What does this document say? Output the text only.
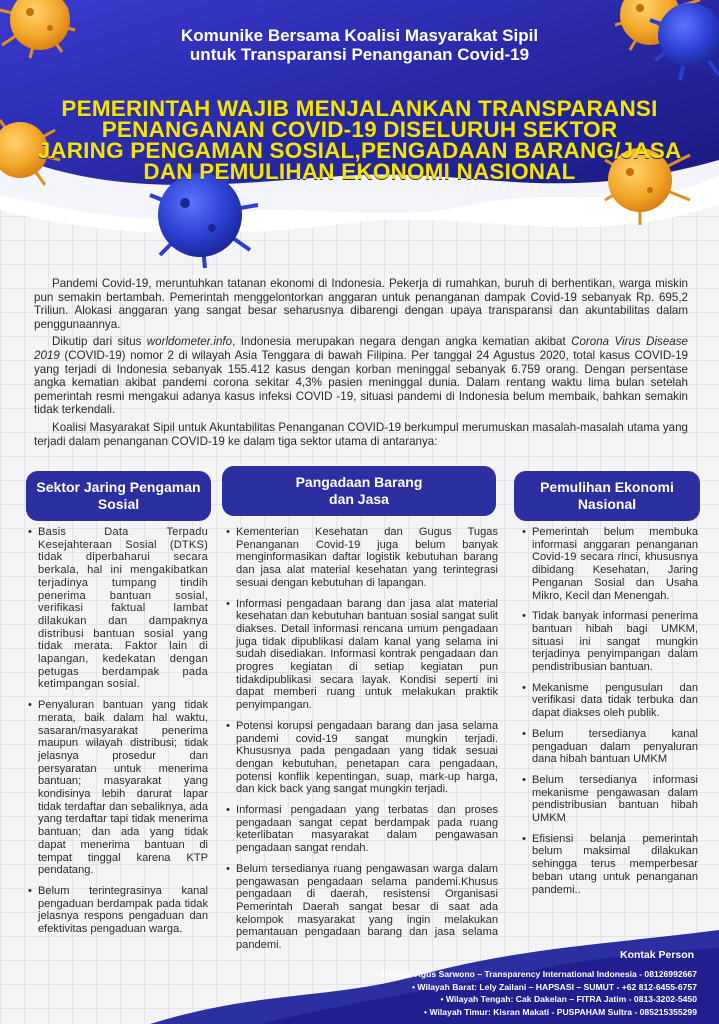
Komunike Bersama Koalisi Masyarakat Sipil
untuk Transparansi Penanganan Covid-19
PEMERINTAH WAJIB MENJALANKAN TRANSPARANSI
PENANGANAN COVID-19 DISELURUH SEKTOR
JARING PENGAMAN SOSIAL,PENGADAAN BARANG/JASA
DAN PEMULIHAN EKONOMI NASIONAL

Pandemi Covid-19, meruntuhkan tatanan ekonomi di Indonesia. Pekerja di rumahkan, buruh di berhentikan, warga miskin pun semakin bertambah. Pemerintah menggelontorkan anggaran untuk penanganan dampak Covid-19 sebanyak Rp. 695,2 Triliun. Alokasi anggaran yang sangat besar seharusnya dibarengi dengan upaya transparansi dan akuntabilitas dalam penggunaannya.

Dikutip dari situs worldometer.info, Indonesia merupakan negara dengan angka kematian akibat Corona Virus Disease 2019 (COVID-19) nomor 2 di wilayah Asia Tenggara di bawah Filipina. Per tanggal 24 Agustus 2020, total kasus COVID-19 yang terjadi di Indonesia sebanyak 155.412 kasus dengan korban meninggal sebanyak 6.759 orang. Dengan persentase angka kematian akibat pandemi corona sekitar 4,3% pasien meninggal dunia. Dalam rentang waktu lima bulan setelah pemerintah resmi mengakui adanya kasus infeksi COVID -19, situasi pandemi di Indonesia belum membaik, bahkan semakin tidak terkendali.

Koalisi Masyarakat Sipil untuk Akuntabilitas Penanganan COVID-19 berkumpul merumuskan masalah-masalah utama yang terjadi dalam penanganan COVID-19 ke dalam tiga sektor utama di antaranya:

Sektor Jaring Pengaman Sosial
Pangadaan Barang dan Jasa
Pemulihan Ekonomi Nasional
• Basis Data Terpadu Kesejahteraan Sosial (DTKS) tidak diperbaharui secara berkala, hal ini mengakibatkan terjadinya tumpang tindih penerima bantuan sosial, verifikasi faktual lambat dilakukan dan dampaknya distribusi bantuan sosial yang tidak merata. Faktor lain di lapangan, kedekatan dengan petugas berdampak pada ketimpangan sosial.
• Penyaluran bantuan yang tidak merata, baik dalam hal waktu, sasaran/masyarakat penerima maupun wilayah distribusi; tidak jelasnya prosedur dan persyaratan untuk menerima bantuan; masyarakat yang kondisinya lebih darurat lapar tidak terdaftar dan sebaliknya, ada yang terdaftar tapi tidak menerima bantuan; dan ada yang tidak dapat menerima bantuan di tempat tinggal karena KTP pendatang.
• Belum terintegrasinya kanal pengaduan berdampak pada tidak jelasnya respons pengaduan dan efektivitas pengaduan warga.
• Kementerian Kesehatan dan Gugus Tugas Penanganan Covid-19 juga belum banyak menginformasikan daftar logistik kebutuhan barang dan jasa alat material kesehatan yang terintegrasi sesuai dengan kebutuhan di lapangan.
• Informasi pengadaan barang dan jasa alat material kesehatan dan kebutuhan bantuan sosial sangat sulit diakses. Detail informasi rencana umum pengadaan juga tidak dipublikasi dalam kanal yang selama ini sudah disediakan. Informasi kontrak pengadaan dan progres kegiatan di setiap kegiatan pun tidakdipublikasi secara layak. Kondisi seperti ini dapat memberi ruang untuk melakukan praktik penyimpangan.
• Potensi korupsi pengadaan barang dan jasa selama pandemi covid-19 sangat mungkin terjadi. Khususnya pada pengadaan yang tidak sesuai dengan kebutuhan, penetapan cara pengadaan, potensi konflik kepentingan, suap, mark-up harga, dan kick back yang sangat mungkin terjadi.
• Informasi pengadaan yang terbatas dan proses pengadaan sangat cepat berdampak pada ruang keterlibatan masyarakat dalam pengawasan pengadaan sangat rendah.
• Belum tersedianya ruang pengawasan warga dalam pengawasan pengadaan selama pandemi.Khusus pengadaan di daerah, resistensi Organisasi Pemerintah Daerah sangat besar di saat ada kelompok masyarakat yang ingin melakukan pemantauan pengadaan barang dan jasa selama pandemi.
• Pemerintah belum membuka informasi anggaran penanganan Covid-19 secara rinci, khususnya dibidang Kesehatan, Jaring Penganan Sosial dan Usaha Mikro, Kecil dan Menengah.
• Tidak banyak informasi penerima bantuan hibah bagi UMKM, situasi ini sangat mungkin terjadinya penyimpangan dalam pendistribusian bantuan.
• Mekanisme pengusulan dan verifikasi data tidak terbuka dan dapat diakses oleh publik.
• Belum tersedianya kanal pengaduan dalam penyaluran dana hibah bantuan UMKM
• Belum tersedianya informasi mekanisme pengawasan dalam pendistribusian bantuan hibah UMKM
• Efisiensi belanja pemerintah belum maksimal dilakukan sehingga terus memperbesar beban utang untuk penanganan pandemi..
Kontak Person
• Jakarta: Agus Sarwono – Transparency International Indonesia - 08126992667
• Wilayah Barat: Lely Zailani – HAPSASI – SUMUT - +62 812-6455-6757
• Wilayah Tengah: Cak Dakelan – FITRA Jatim - 0813-3202-5450
• Wilayah Timur: Kisran Makati - PUSPAHAM Sultra - 085215355299
